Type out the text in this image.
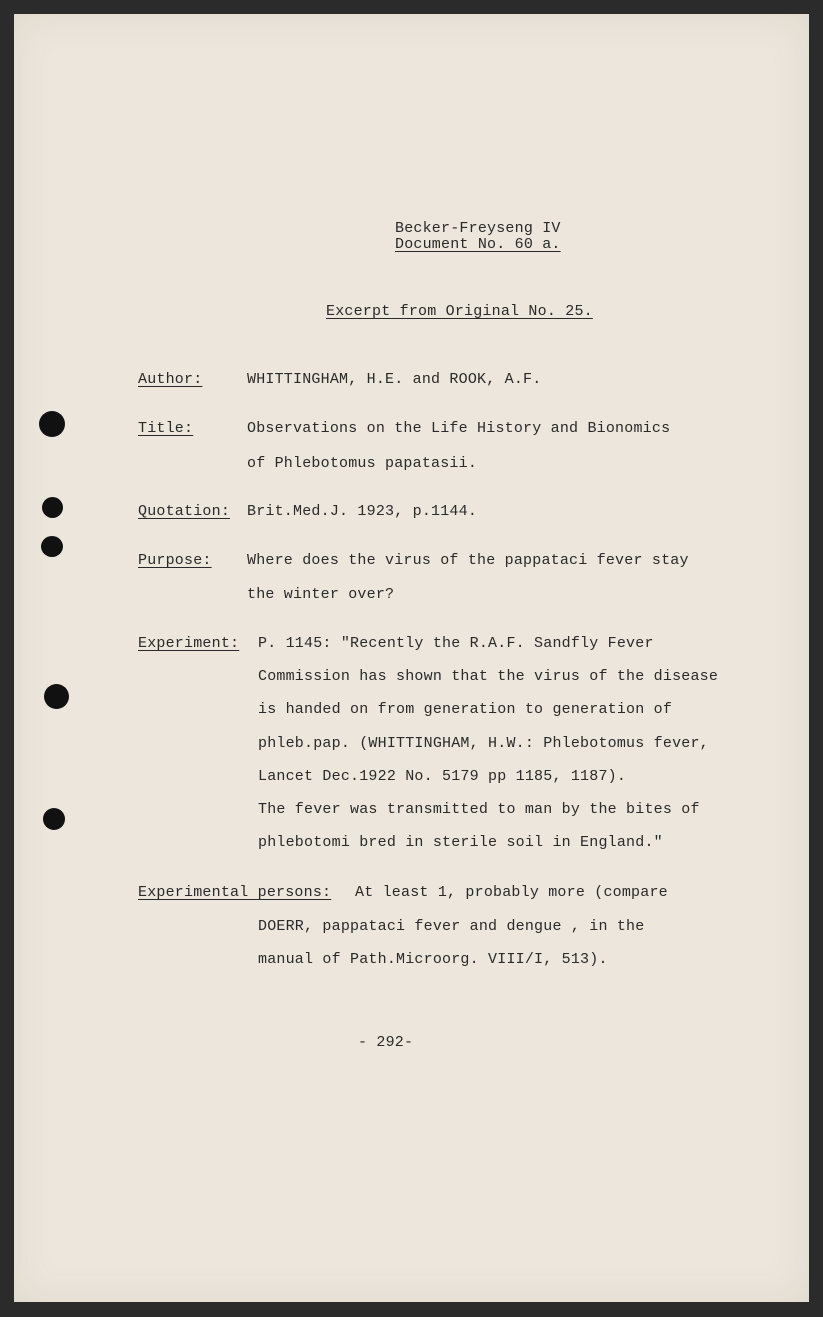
Becker-Freyseng IV
Document No. 60 a.
Excerpt from Original No. 25.
Author:	WHITTINGHAM, H.E. and ROOK, A.F.
Title:	Observations on the Life History and Bionomics
of Phlebotomus papatasii.
Quotation: Brit.Med.J. 1923, p.1144.
Purpose: Where does the virus of the pappataci fever stay
the winter over?
Experiment: P. 1145: "Recently the R.A.F. Sandfly Fever
Commission has shown that the virus of the disease
is handed on from generation to generation of
phleb.pap. (WHITTINGHAM, H.W.: Phlebotomus fever,
Lancet Dec.1922 No. 5179 pp 1185, 1187).
The fever was transmitted to man by the bites of
phlebotomi bred in sterile soil in England."
Experimental persons: At least 1, probably more (compare
DOERR, pappataci fever and dengue , in the
manual of Path.Microorg. VIII/I, 513).
- 292-
